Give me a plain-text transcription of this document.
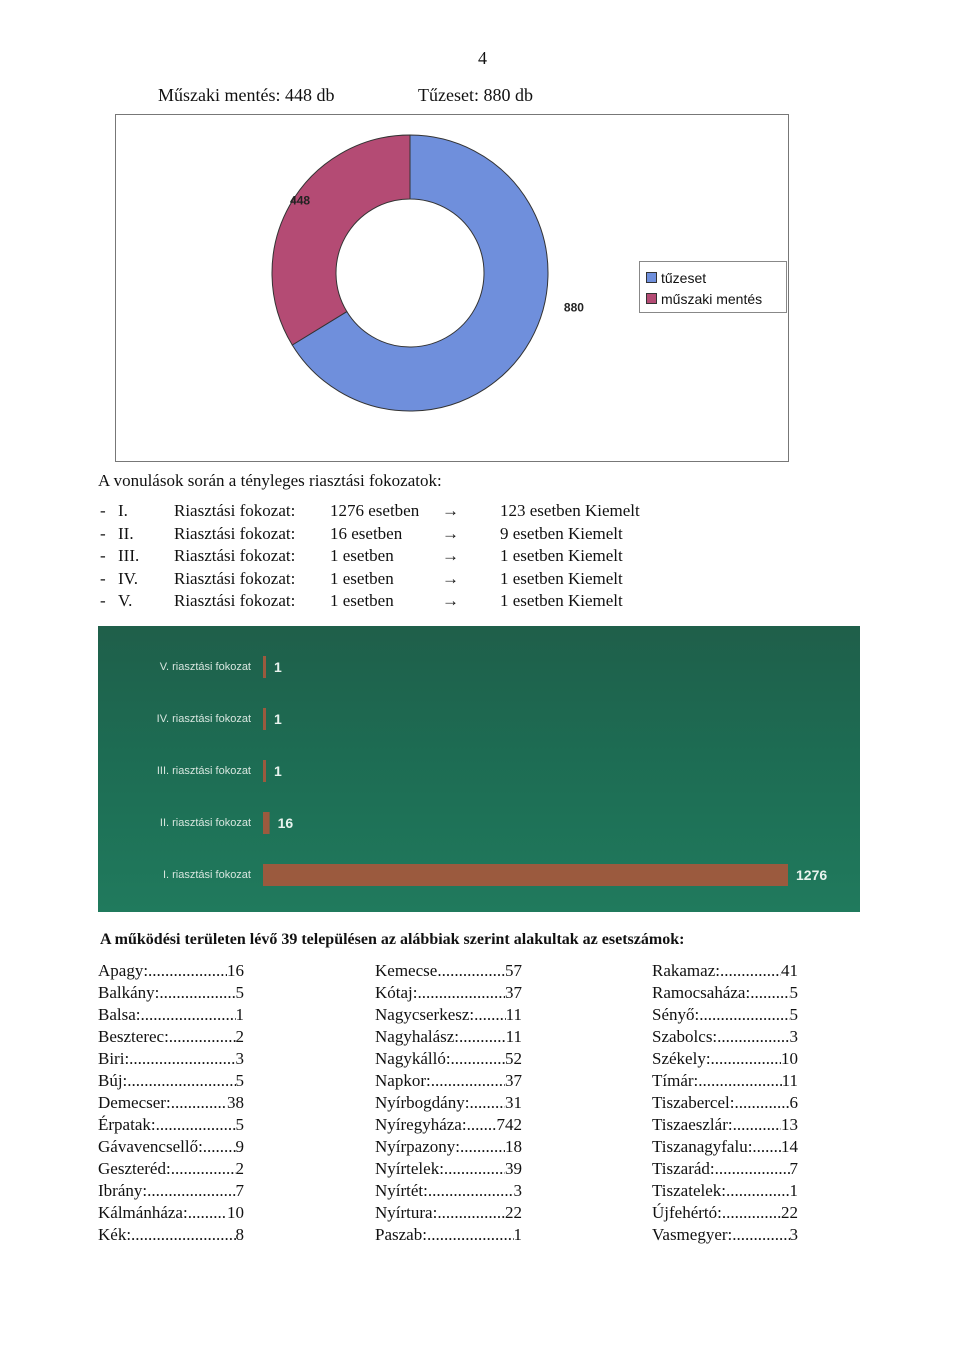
4
Műszaki mentés: 448 db	Tűzeset: 880 db
880
448
tűzeset
műszaki mentés
A vonulások során a tényleges riasztási fokozatok:
- I.	Riasztási fokozat:	1276 esetben	→	123 esetben Kiemelt
- II.	Riasztási fokozat:	16 esetben	→	9 esetben Kiemelt
- III.	Riasztási fokozat:	1 esetben	→	1 esetben Kiemelt
- IV.	Riasztási fokozat:	1 esetben	→	1 esetben Kiemelt
- V.	Riasztási fokozat:	1 esetben	→	1 esetben Kiemelt
V. riasztási fokozat 1
IV. riasztási fokozat 1
III. riasztási fokozat 1
II. riasztási fokozat 16
I. riasztási fokozat	1276
A működési területen lévő 39 településen az alábbiak szerint alakultak az esetszámok:
Apagy: .....	16
Balkány: .....	5
Balsa: .....	1
Beszterec: .....	2
Biri: .....	3
Búj: .....	5
Demecser: .....	38
Érpatak: .....	5
Gávavencsellő: ..... 9
Geszteréd: .....	2
Ibrány: .....	7
Kálmánháza: ..... 10
Kék: .....	8
Kemecse .....	57
Kótaj: .....	37
Nagycserkesz: ..... 11
Nagyhalász: .....	11
Nagykálló: .....	52
Napkor: .....	37
Nyírbogdány: ..... 31
Nyíregyháza: ..... 742
Nyírpazony: .....	18
Nyírtelek: .....	39
Nyírtét: .....	3
Nyírtura: .....	22
Paszab: .....	1
Rakamaz: .....	41
Ramocsaháza: ..... 5
Sényő: .....	5
Szabolcs: .....	3
Székely: .....	10
Tímár: .....	11
Tiszabercel: .....	6
Tiszaeszlár: .....	13
Tiszanagyfalu: ..... 14
Tiszarád: .....	7
Tiszatelek: .....	1
Újfehértó: .....	22
Vasmegyer: .....	3
